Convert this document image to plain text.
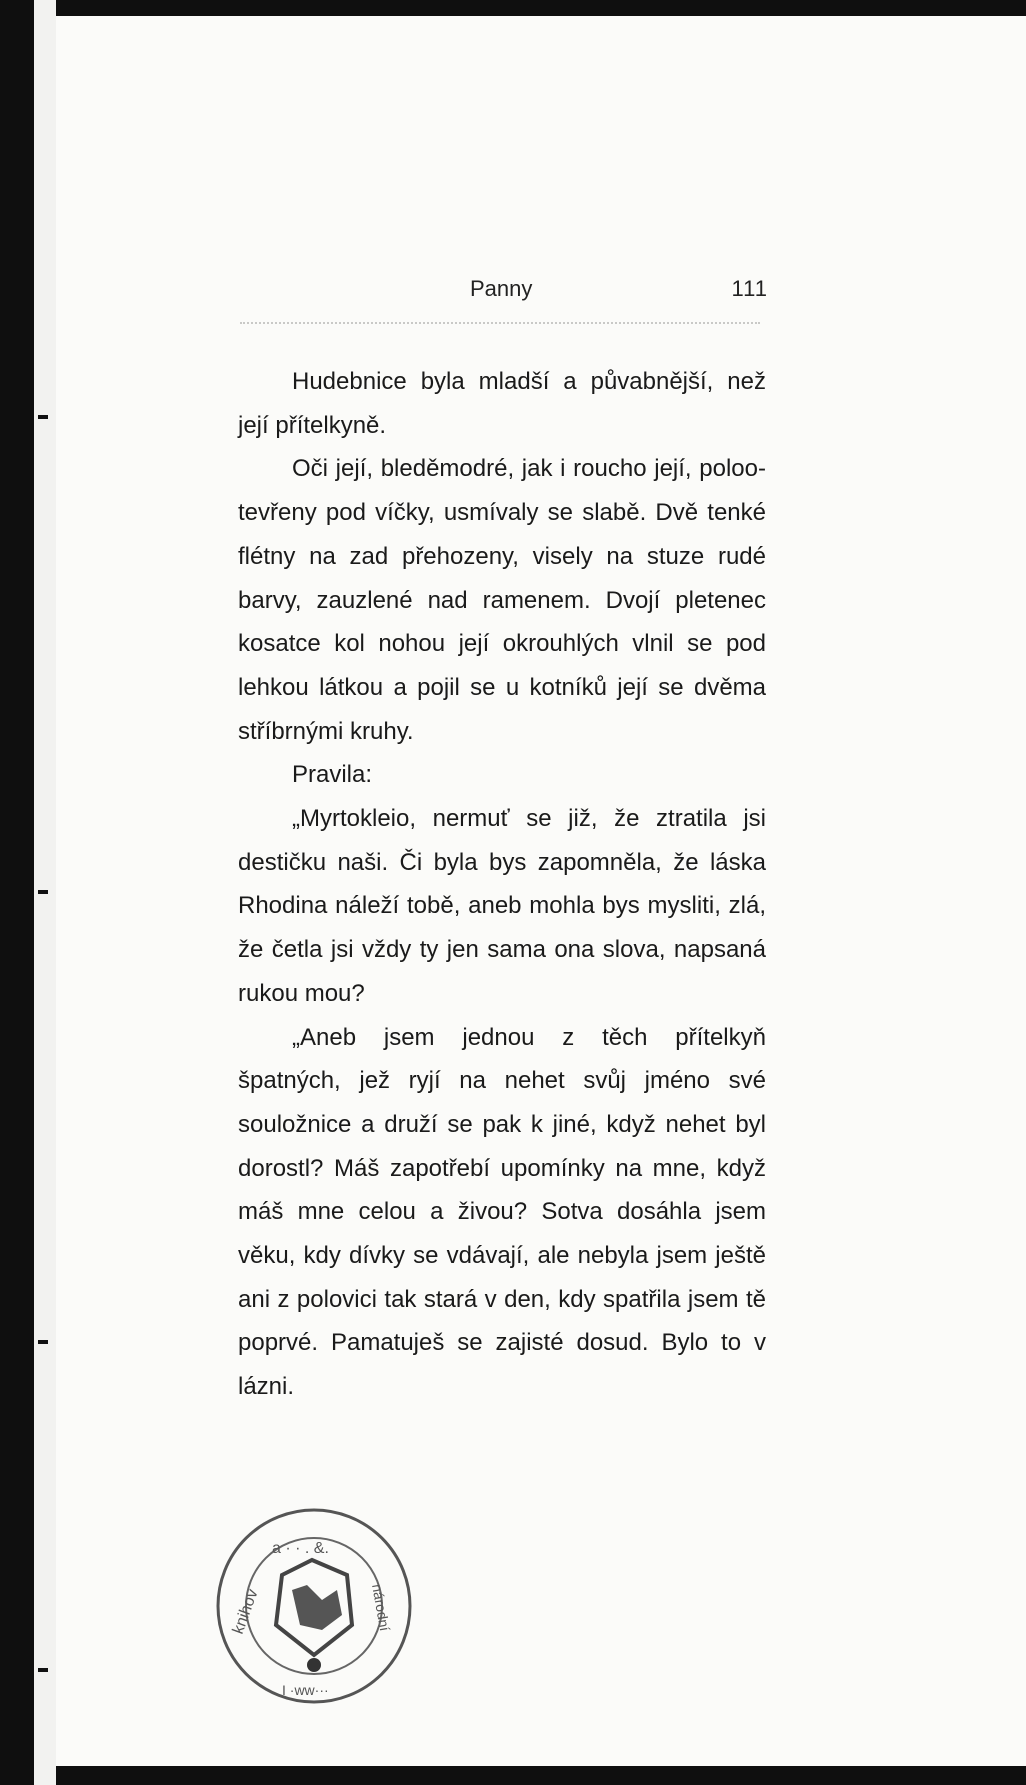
Panny	111

Hudebnice byla mladší a půvabnější, než její přítelkyně.

Oči její, bleděmodré, jak i roucho její, polootevřeny pod víčky, usmívaly se slabě. Dvě tenké flétny na zad přehozeny, visely na stuze rudé barvy, zauzlené nad ramenem. Dvojí pletenec kosatce kol nohou její okrouhlých vlnil se pod lehkou látkou a pojil se u kotníků její se dvěma stříbrnými kruhy.

Pravila:

„Myrtokleio, nermuť se již, že ztratila jsi destičku naši. Či byla bys zapomněla, že láska Rhodina náleží tobě, aneb mohla bys mysliti, zlá, že četla jsi vždy ty jen sama ona slova, napsaná rukou mou?

„Aneb jsem jednou z těch přítelkyň špatných, jež ryjí na nehet svůj jméno své souložnice a druží se pak k jiné, když nehet byl dorostl? Máš zapotřebí upomínky na mne, když máš mne celou a živou? Sotva dosáhla jsem věku, kdy dívky se vdávají, ale nebyla jsem ještě ani z polovici tak stará v den, kdy spatřila jsem tě poprvé. Pamatuješ se zajisté dosud. Bylo to v lázni.

a · · . &.
knihov	národní
I ·ww···
